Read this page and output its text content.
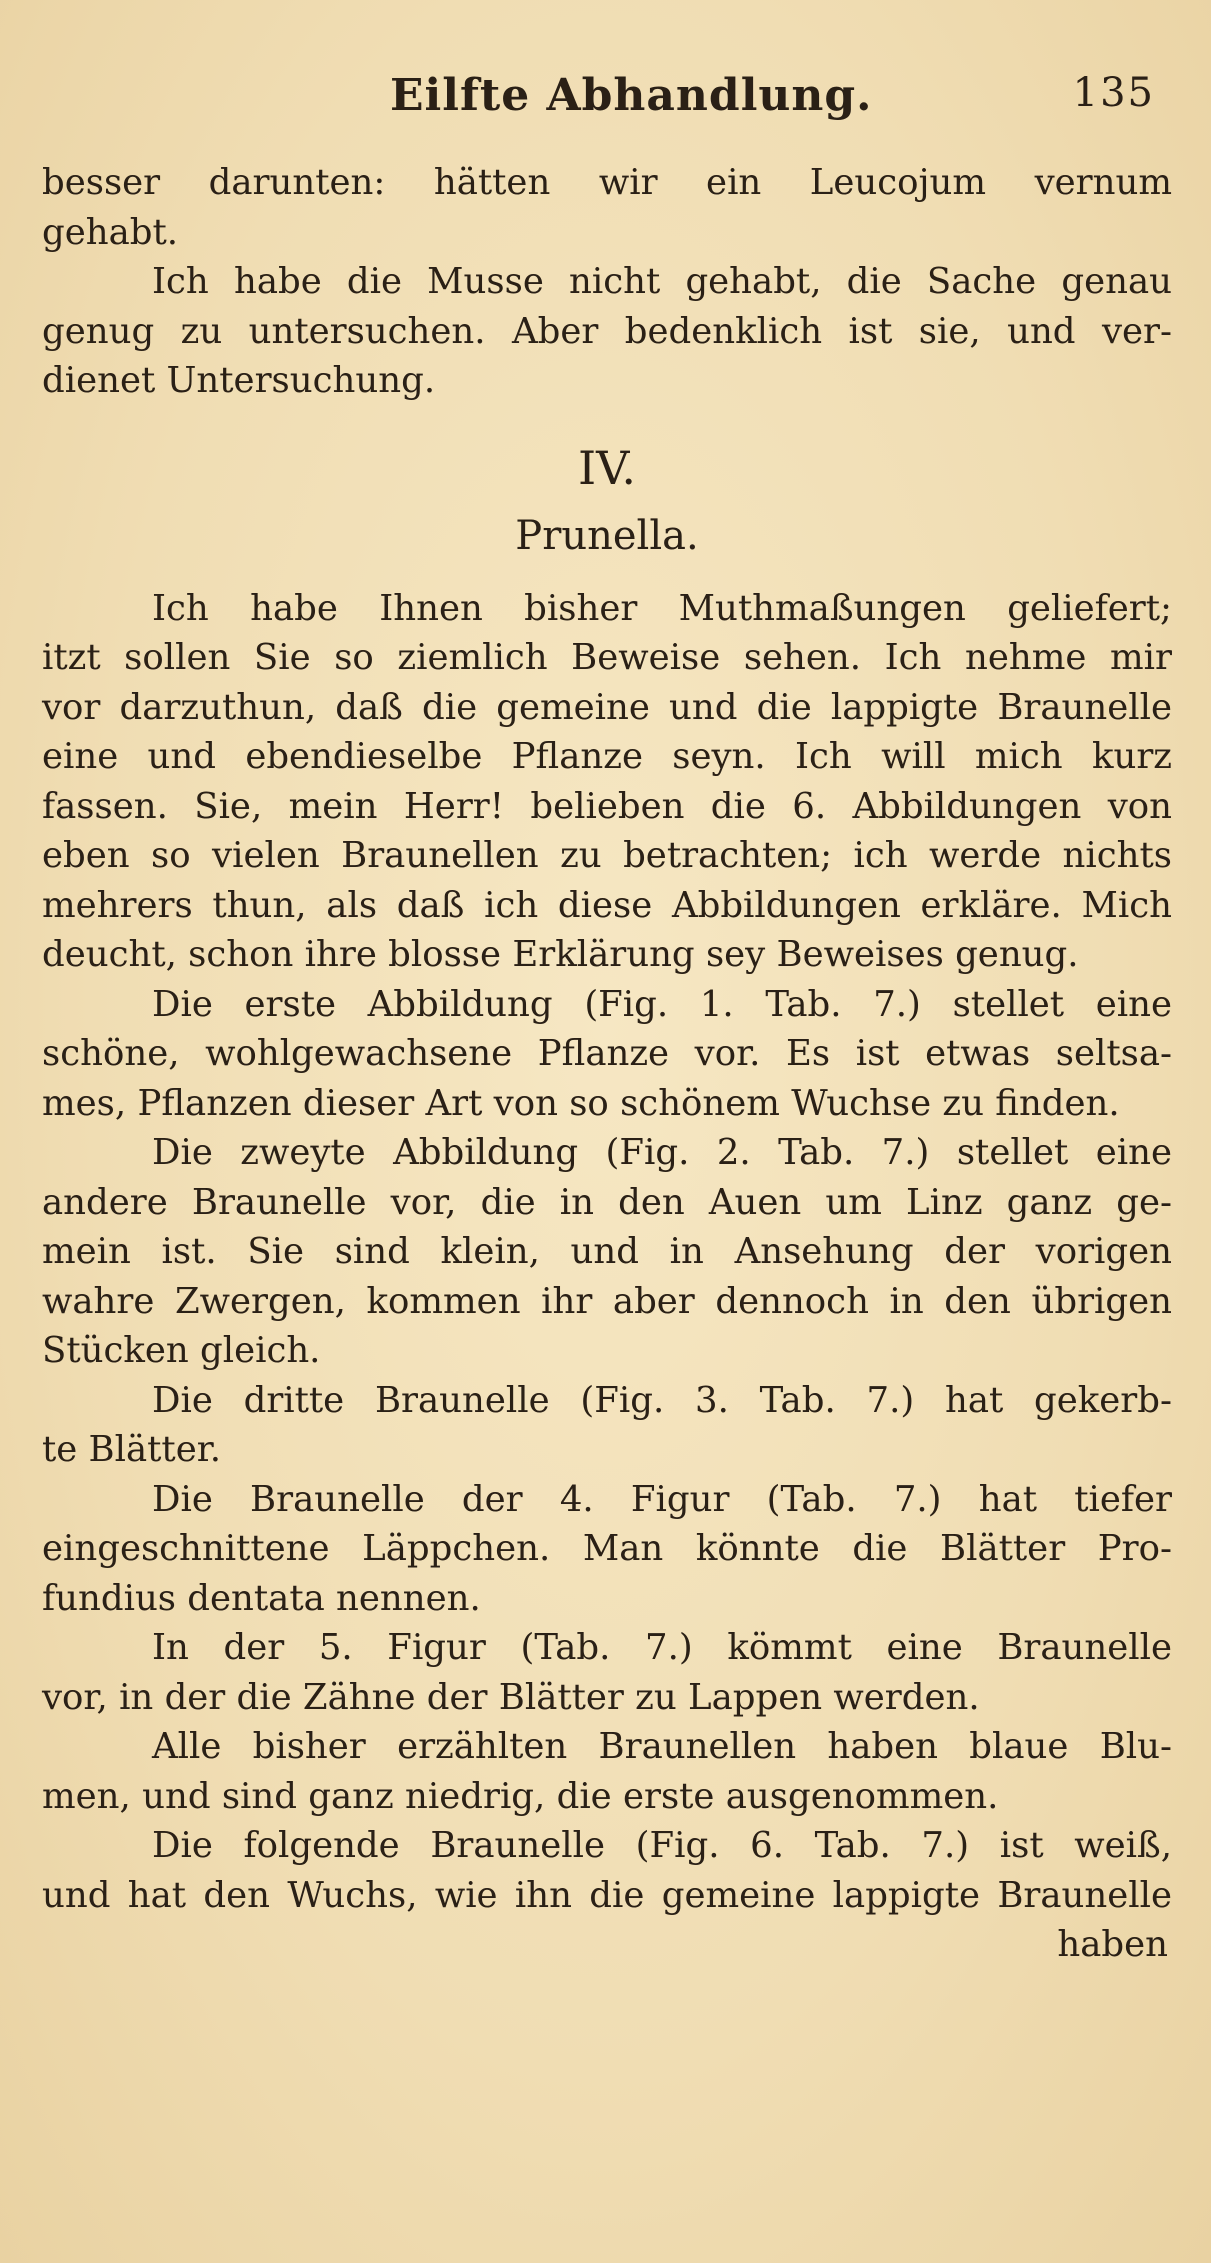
Eilfte Abhandlung.	135
besser darunten: hätten wir ein Leucojum vernum
gehabt.
Ich habe die Musse nicht gehabt, die Sache genau
genug zu untersuchen. Aber bedenklich ist sie, und ver-
dienet Untersuchung.
IV.
Prunella.
Ich habe Ihnen bisher Muthmaßungen geliefert;
itzt sollen Sie so ziemlich Beweise sehen. Ich nehme mir
vor darzuthun, daß die gemeine und die lappigte Braunelle
eine und ebendieselbe Pflanze seyn. Ich will mich kurz
fassen. Sie, mein Herr! belieben die 6. Abbildungen von
eben so vielen Braunellen zu betrachten; ich werde nichts
mehrers thun, als daß ich diese Abbildungen erkläre. Mich
deucht, schon ihre blosse Erklärung sey Beweises genug.
Die erste Abbildung (Fig. 1. Tab. 7.) stellet eine
schöne, wohlgewachsene Pflanze vor. Es ist etwas seltsa-
mes, Pflanzen dieser Art von so schönem Wuchse zu finden.
Die zweyte Abbildung (Fig. 2. Tab. 7.) stellet eine
andere Braunelle vor, die in den Auen um Linz ganz ge-
mein ist. Sie sind klein, und in Ansehung der vorigen
wahre Zwergen, kommen ihr aber dennoch in den übrigen
Stücken gleich.
Die dritte Braunelle (Fig. 3. Tab. 7.) hat gekerb-
te Blätter.
Die Braunelle der 4. Figur (Tab. 7.) hat tiefer
eingeschnittene Läppchen. Man könnte die Blätter Pro-
fundius dentata nennen.
In der 5. Figur (Tab. 7.) kömmt eine Braunelle
vor, in der die Zähne der Blätter zu Lappen werden.
Alle bisher erzählten Braunellen haben blaue Blu-
men, und sind ganz niedrig, die erste ausgenommen.
Die folgende Braunelle (Fig. 6. Tab. 7.) ist weiß,
und hat den Wuchs, wie ihn die gemeine lappigte Braunelle
haben
